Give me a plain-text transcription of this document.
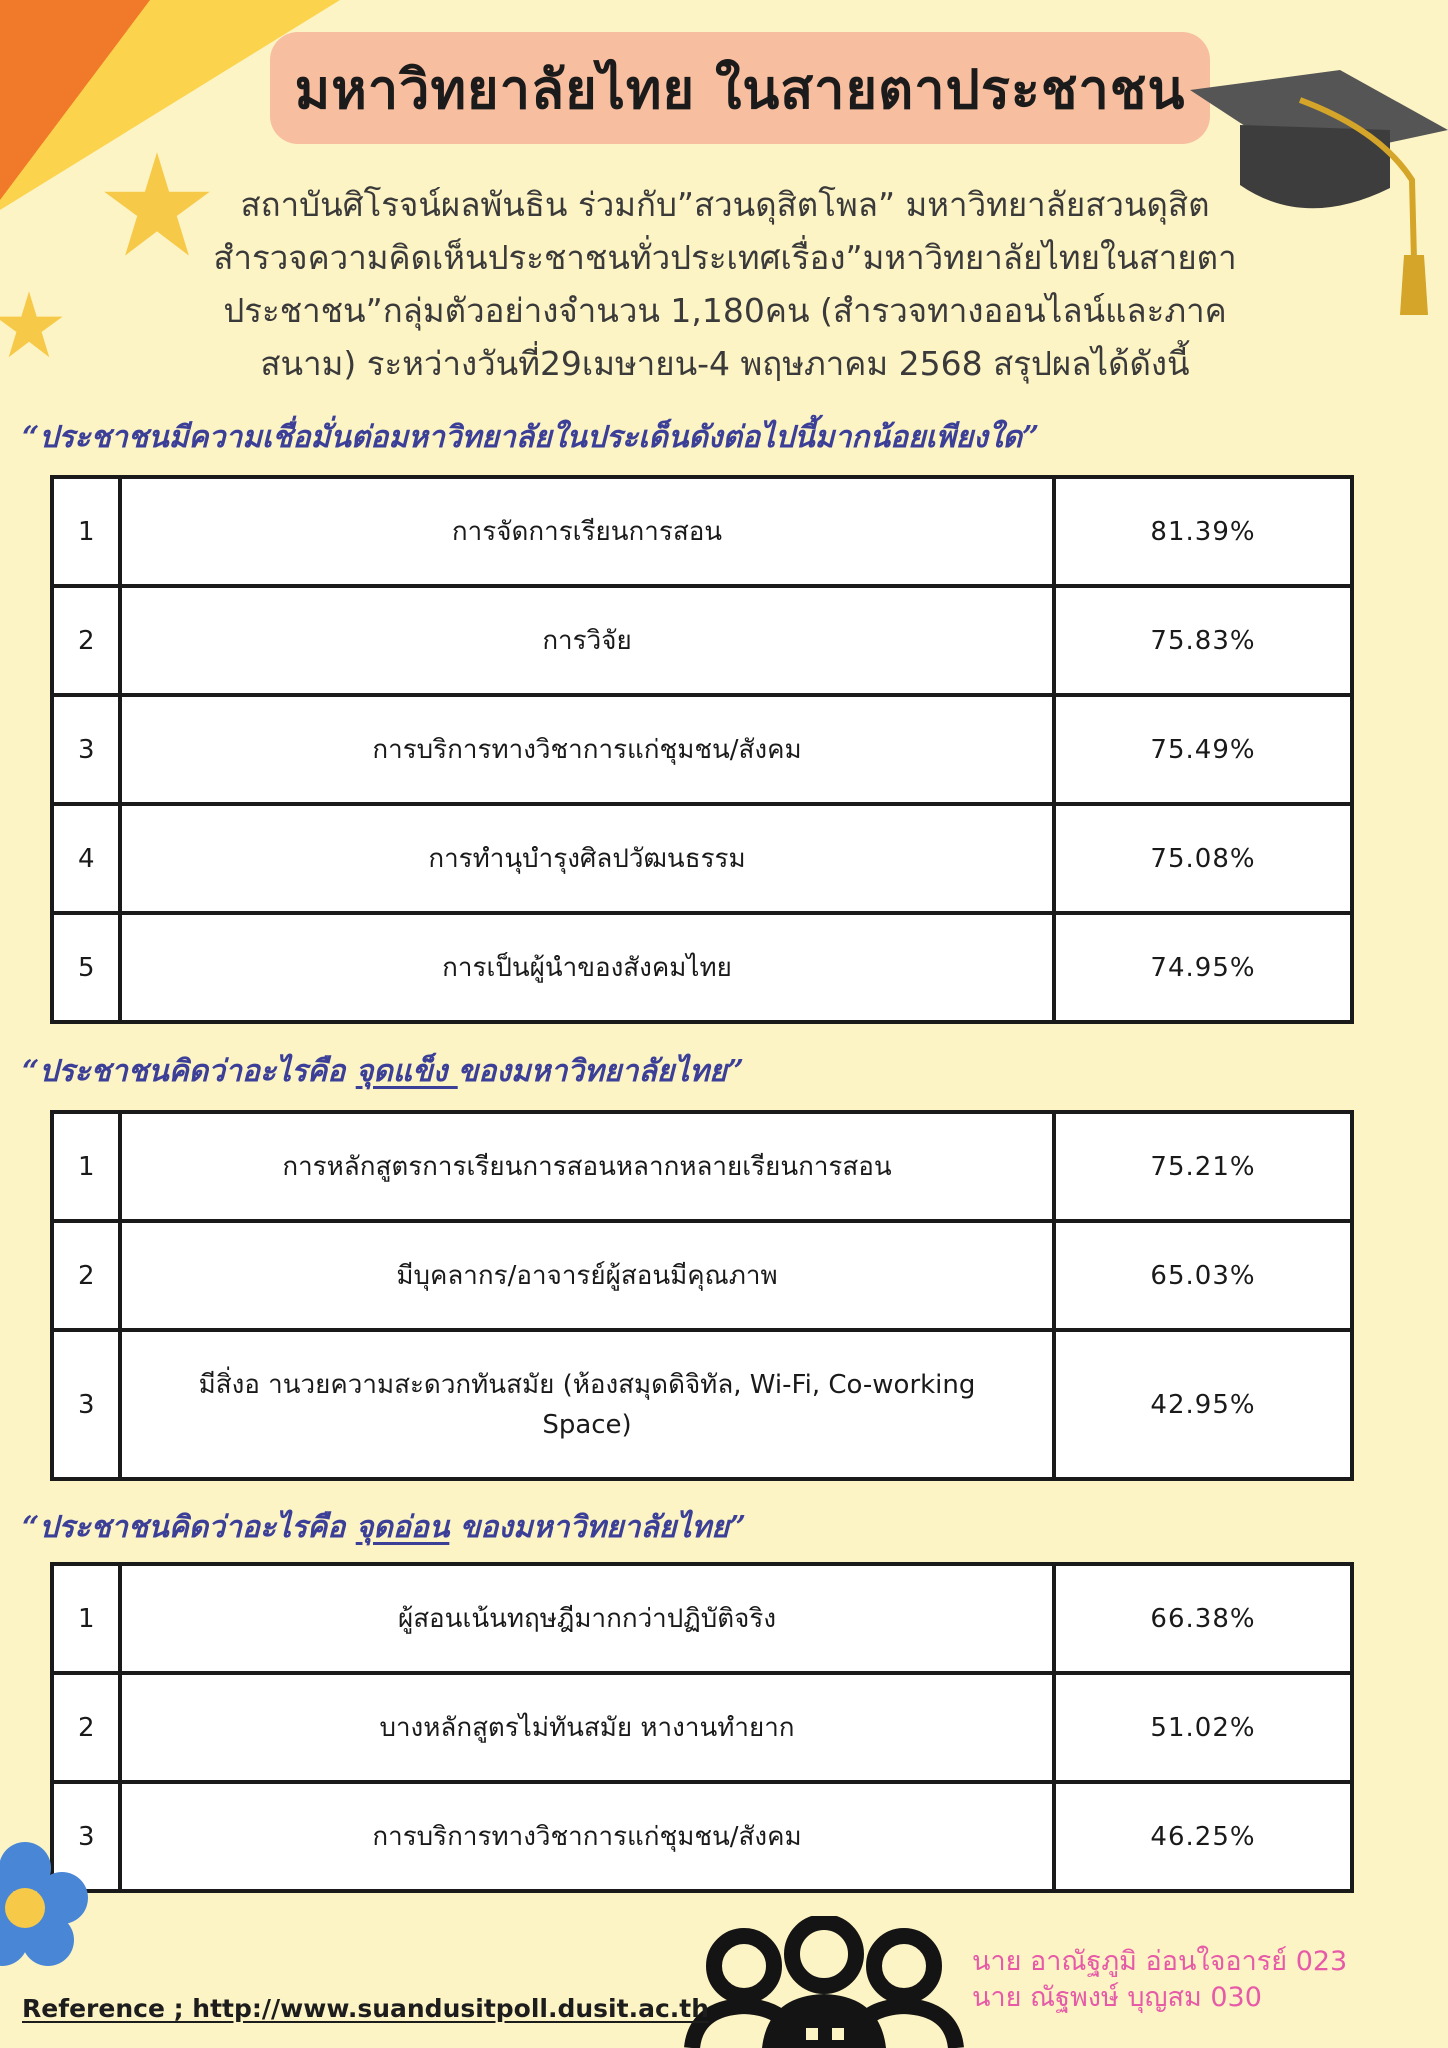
มหาวิทยาลัยไทย ในสายตาประชาชน
สถาบันศิโรจน์ผลพันธิน ร่วมกับ”สวนดุสิตโพล” มหาวิทยาลัยสวนดุสิต
สำรวจความคิดเห็นประชาชนทั่วประเทศเรื่อง”มหาวิทยาลัยไทยในสายตา
ประชาชน”กลุ่มตัวอย่างจำนวน 1,180คน (สำรวจทางออนไลน์และภาค
สนาม) ระหว่างวันที่29เมษายน-4 พฤษภาคม 2568 สรุปผลได้ดังนี้
“ประชาชนมีความเชื่อมั่นต่อมหาวิทยาลัยในประเด็นดังต่อไปนี้มากน้อยเพียงใด”
1	การจัดการเรียนการสอน	81.39%
2	การวิจัย	75.83%
3	การบริการทางวิชาการแก่ชุมชน/สังคม	75.49%
4	การทำนุบำรุงศิลปวัฒนธรรม	75.08%
5	การเป็นผู้นำของสังคมไทย	74.95%
“ประชาชนคิดว่าอะไรคือ จุดแข็ง ของมหาวิทยาลัยไทย”
1	การหลักสูตรการเรียนการสอนหลากหลายเรียนการสอน	75.21%
2	มีบุคลากร/อาจารย์ผู้สอนมีคุณภาพ	65.03%
3	มีสิ่งอ านวยความสะดวกทันสมัย (ห้องสมุดดิจิทัล, Wi-Fi, Co-working Space)	42.95%
“ประชาชนคิดว่าอะไรคือ จุดอ่อน ของมหาวิทยาลัยไทย”
1	ผู้สอนเน้นทฤษฎีมากกว่าปฏิบัติจริง	66.38%
2	บางหลักสูตรไม่ทันสมัย หางานทำยาก	51.02%
3	การบริการทางวิชาการแก่ชุมชน/สังคม	46.25%
Reference ; http://www.suandusitpoll.dusit.ac.th
นาย อาณัฐภูมิ อ่อนใจอารย์ 023
นาย ณัฐพงษ์ บุญสม 030
